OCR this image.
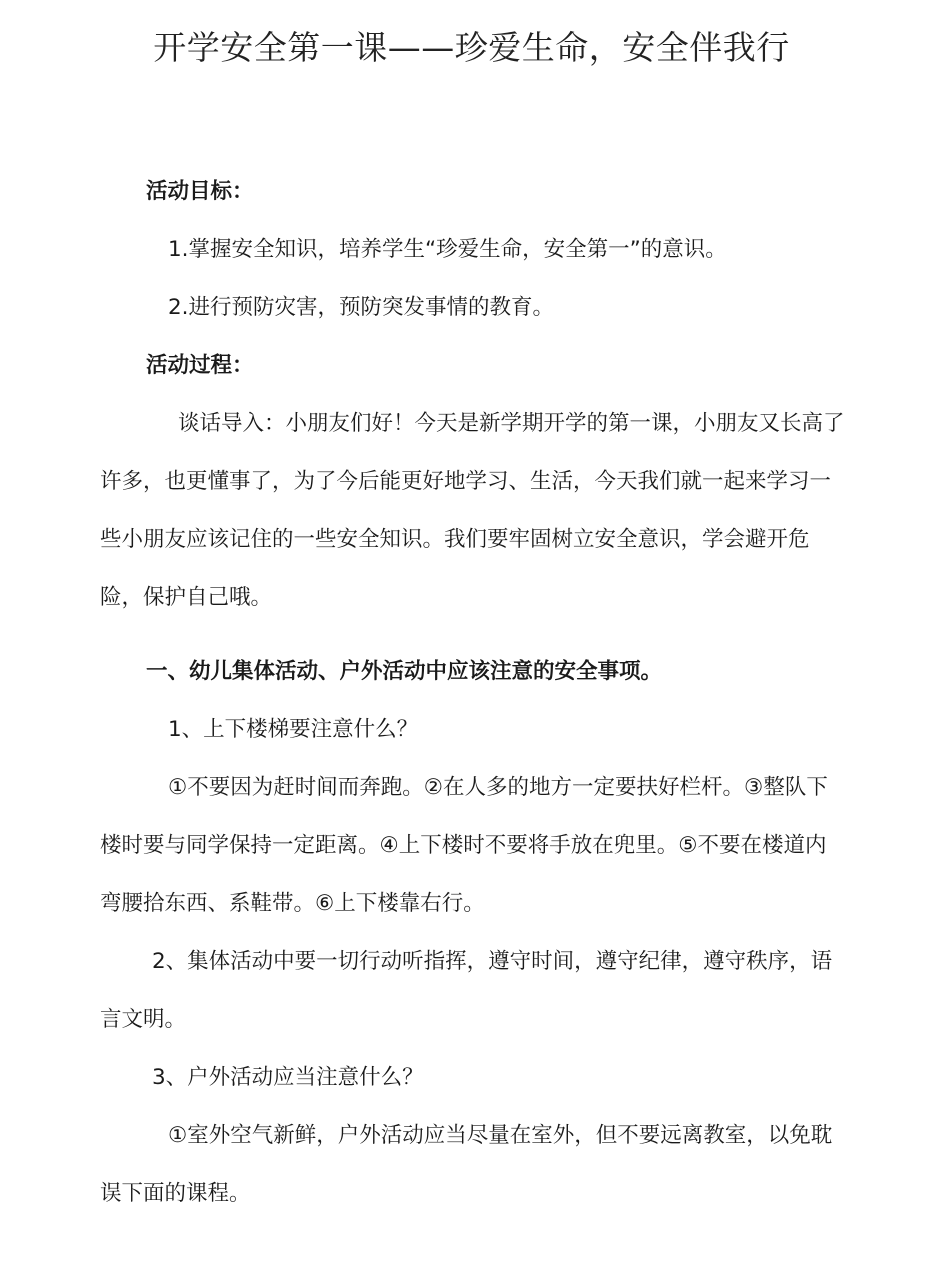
开学安全第一课——珍爱生命，安全伴我行
活动目标：
1.掌握安全知识，培养学生“珍爱生命，安全第一”的意识。
2.进行预防灾害，预防突发事情的教育。
活动过程：
谈话导入：小朋友们好！今天是新学期开学的第一课，小朋友又长高了
许多，也更懂事了，为了今后能更好地学习、生活，今天我们就一起来学习一
些小朋友应该记住的一些安全知识。我们要牢固树立安全意识，学会避开危
险，保护自己哦。
一、幼儿集体活动、户外活动中应该注意的安全事项。
1、上下楼梯要注意什么？
①不要因为赶时间而奔跑。②在人多的地方一定要扶好栏杆。③整队下
楼时要与同学保持一定距离。④上下楼时不要将手放在兜里。⑤不要在楼道内
弯腰拾东西、系鞋带。⑥上下楼靠右行。
2、集体活动中要一切行动听指挥，遵守时间，遵守纪律，遵守秩序，语
言文明。
3、户外活动应当注意什么？
①室外空气新鲜，户外活动应当尽量在室外，但不要远离教室，以免耽
误下面的课程。
